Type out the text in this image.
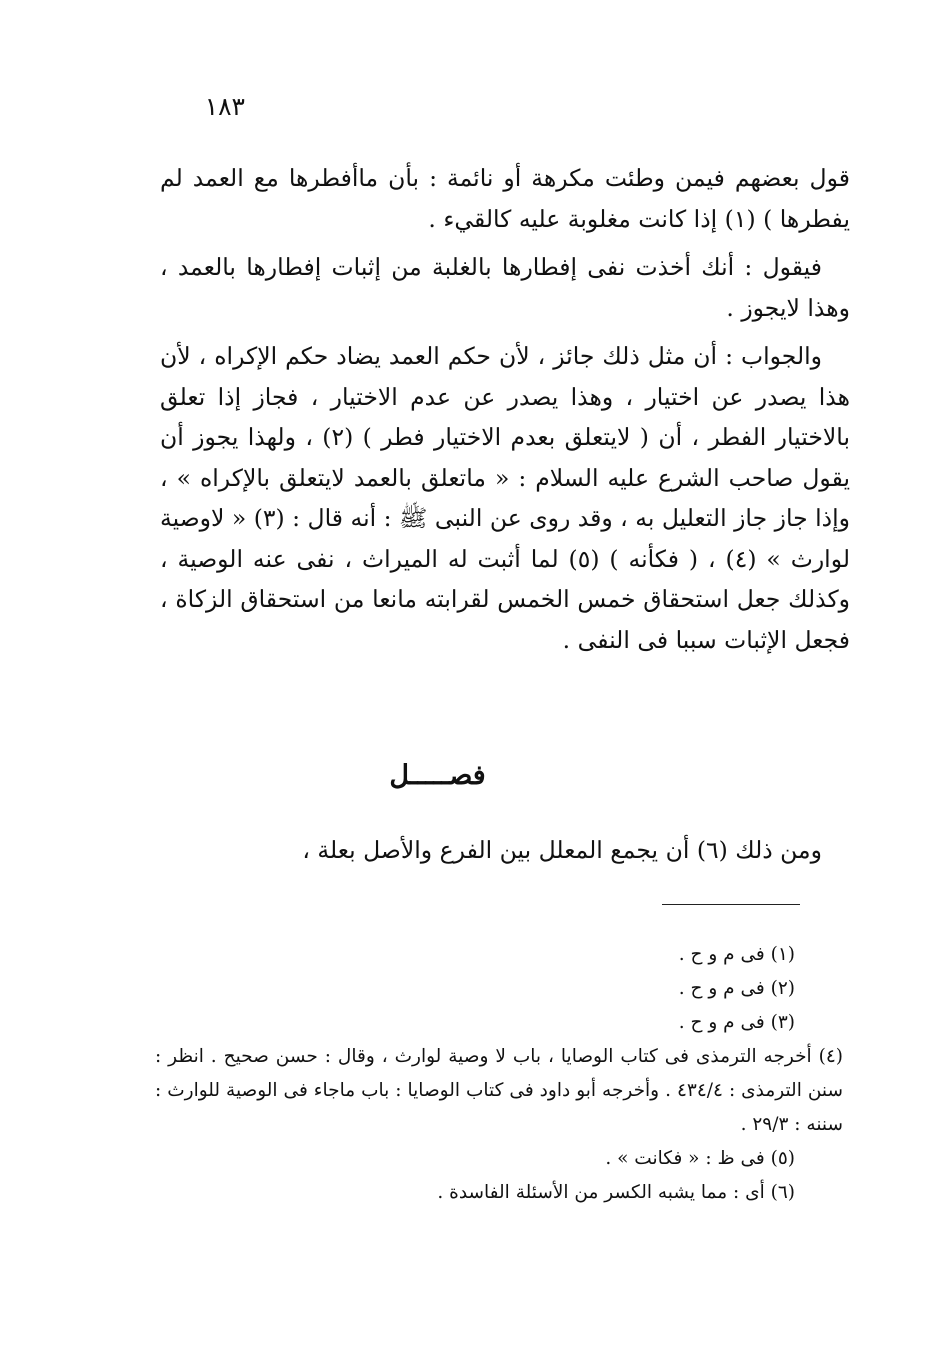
١٨٣

قول بعضهم فيمن وطئت مكرهة أو نائمة : بأن ماأفطرها مع العمد لم يفطرها ) (١) إذا كانت مغلوبة عليه كالقيء .

فيقول : أنك أخذت نفى إفطارها بالغلبة من إثبات إفطارها بالعمد ، وهذا لايجوز .

والجواب : أن مثل ذلك جائز ، لأن حكم العمد يضاد حكم الإكراه ، لأن هذا يصدر عن اختيار ، وهذا يصدر عن عدم الاختيار ، فجاز إذا تعلق بالاختيار الفطر ، أن ( لايتعلق بعدم الاختيار فطر ) (٢) ، ولهذا يجوز أن يقول صاحب الشرع عليه السلام : « ماتعلق بالعمد لايتعلق بالإكراه » ، وإذا جاز جاز التعليل به ، وقد روى عن النبى ﷺ : أنه قال : (٣) « لاوصية لوارث » (٤) ، ( فكأنه ) (٥) لما أثبت له الميراث ، نفى عنه الوصية ، وكذلك جعل استحقاق خمس الخمس لقرابته مانعا من استحقاق الزكاة ، فجعل الإثبات سببا فى النفى .

فصـــــل
ومن ذلك (٦) أن يجمع المعلل بين الفرع والأصل بعلة ،

(١) فى م و ح .

(٢) فى م و ح .

(٣) فى م و ح .

(٤) أخرجه الترمذى فى كتاب الوصايا ، باب لا وصية لوارث ، وقال : حسن صحيح . انظر : سنن الترمذى : ٤٣٤/٤ . وأخرجه أبو داود فى كتاب الوصايا : باب ماجاء فى الوصية للوارث : سننه : ٢٩/٣ .

(٥) فى ظ : « فكانت » .

(٦) أى : مما يشبه الكسر من الأسئلة الفاسدة .
